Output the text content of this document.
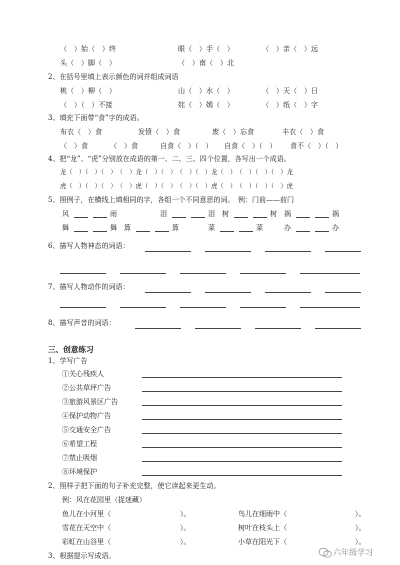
（　）始（　）终	眼（　）手（　）	（　）亲（　）远
头（　）脚（　）	（　）南（　）北
2、在括号里填上表示颜色的词并组成词语
桃（　）柳（　）	山（　）水（　）	（　）天（　）日
（　）（　）不接	姹（　）嫣（　）	（　）纸（　）字
3、填充下面带“食”字的成语。
布衣（　）食	发愤（　）食	废（　）忘食	丰衣（　）食
（　）食	（　）食	自食（　）（　） 自食（　）（　） 食不（　）（　）
4、把“龙”、“虎”分别放在成语的第一、二、三、四个位置，各写出一个成语。
龙（　）（　）（　）　（　）龙（　）（　）　（　）（　）龙（　）　（　）（　）（　）龙
虎（　）（　）（　）　（　）虎（　）（　）　（　）（　）虎（　）　（　）（　）（　）虎
5、照例子，在横线上填相同的字，各组一个不同意思的词。　例：门前——前门
风	雨	泪	泪 树	树 祸	祸
舞	舞 算	算	菜	菜	办	办
6、描写人物神态的词语：
7、描写人物动作的词语：
8、描写声音的词语：
三、创意练习
1、学写广告
①关心残疾人
②公共草坪广告
③旅游风景区广告
④保护动物广告
⑤交通安全广告
⑥希望工程
⑦禁止吸烟
⑧环境保护
2、照样子把下面的句子补充完整，使它读起来更生动。
例：风在花园里（捉迷藏）
鱼儿在小河里（	）。	鸟儿在细雨中（	）。
雪花在天空中（	）。	树叶在枝头上（	）。
彩虹在山谷里（	）。	小草在阳光下（	）。
3、根据提示写成语。	六年级学习
